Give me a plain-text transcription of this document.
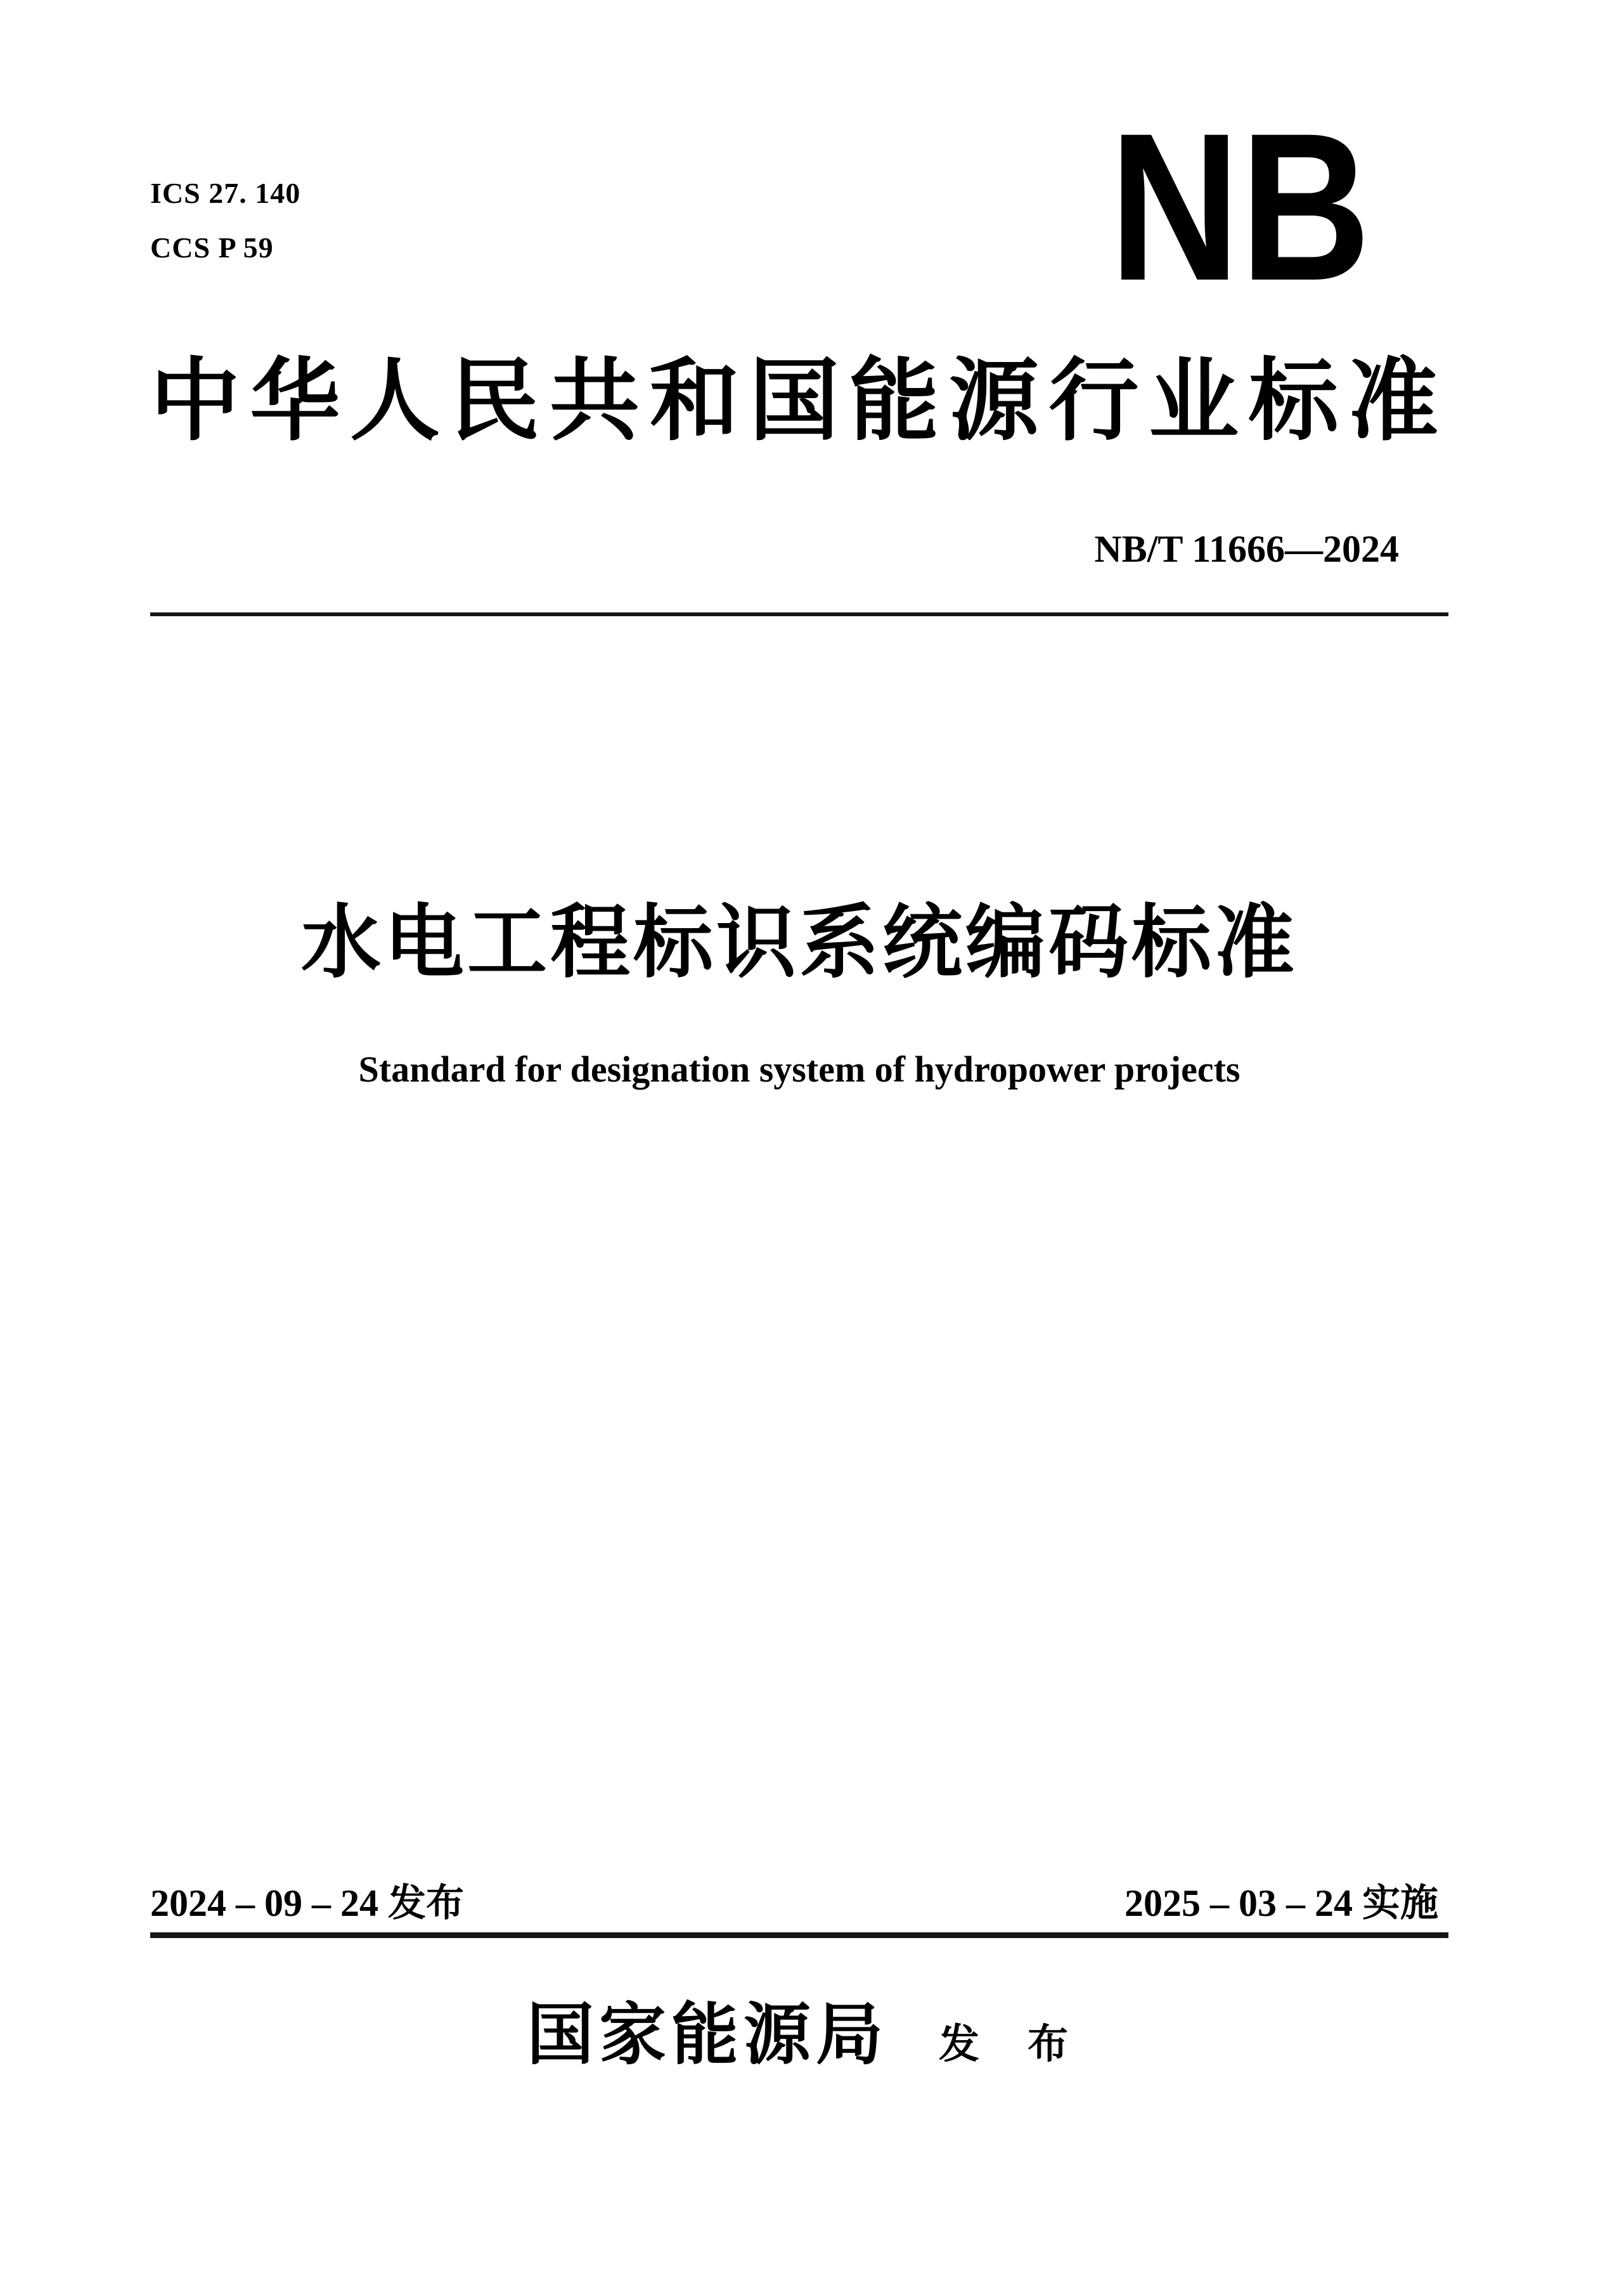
ICS 27. 140
CCS P 59	NB
中 华 人 民 共 和 国 能 源 行 业 标 准
NB/T 11666—2024
水电工程标识系统编码标准
Standard for designation system of hydropower projects
2024 – 09 – 24 发布	2025 – 03 – 24 实施
国家能源局 发　布
